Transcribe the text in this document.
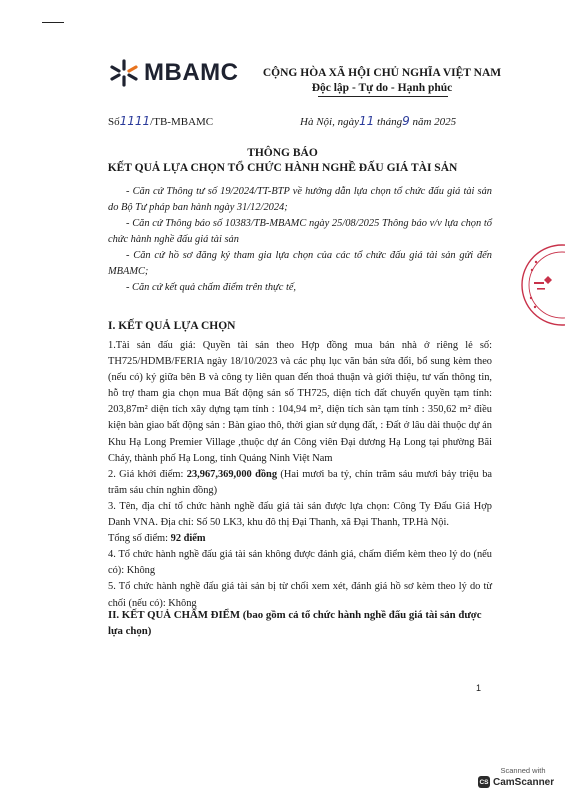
MBAMC CỘNG HÒA XÃ HỘI CHỦ NGHĨA VIỆT NAM
Độc lập - Tự do - Hạnh phúc
Số1111/TB-MBAMC	Hà Nội, ngày11 tháng9 năm 2025
THÔNG BÁO
KẾT QUẢ LỰA CHỌN TỔ CHỨC HÀNH NGHỀ ĐẤU GIÁ TÀI SẢN

- Căn cứ Thông tư số 19/2024/TT-BTP về hướng dẫn lựa chọn tổ chức đấu giá tài sản do Bộ Tư pháp ban hành ngày 31/12/2024;

- Căn cứ Thông báo số 10383/TB-MBAMC ngày 25/08/2025 Thông báo v/v lựa chọn tổ chức hành nghề đấu giá tài sản

- Căn cứ hồ sơ đăng ký tham gia lựa chọn của các tổ chức đấu giá tài sản gửi đến MBAMC;

- Căn cứ kết quả chấm điểm trên thực tế,

I. KẾT QUẢ LỰA CHỌN

1.Tài sản đấu giá: Quyền tài sản theo Hợp đồng mua bán nhà ở riêng lẻ số: TH725/HDMB/FERIA ngày 18/10/2023 và các phụ lục văn bản sửa đổi, bổ sung kèm theo (nếu có) ký giữa bên B và công ty liên quan đến thoả thuận và giới thiệu, tư vấn thông tin, hỗ trợ tham gia chọn mua Bất động sản số TH725, diện tích đất chuyển quyền tạm tính: 203,87m² diện tích xây dựng tạm tính : 104,94 m², diện tích sàn tạm tính : 350,62 m² điều kiện bàn giao bất động sản : Bàn giao thô, thời gian sử dụng đất, : Đất ở lâu dài thuộc dự án Khu Hạ Long Premier Village ,thuộc dự án Công viên Đại dương Hạ Long tại phường Bãi Cháy, thành phố Hạ Long, tỉnh Quảng Ninh Việt Nam

2. Giá khởi điểm: 23,967,369,000 đồng (Hai mươi ba tỷ, chín trăm sáu mươi bảy triệu ba trăm sáu chín nghìn đồng)

3. Tên, địa chỉ tổ chức hành nghề đấu giá tài sản được lựa chọn: Công Ty Đấu Giá Hợp Danh VNA. Địa chỉ: Số 50 LK3, khu đô thị Đại Thanh, xã Đại Thanh, TP.Hà Nội.

Tổng số điểm: 92 điểm

4. Tổ chức hành nghề đấu giá tài sản không được đánh giá, chấm điểm kèm theo lý do (nếu có): Không

5. Tổ chức hành nghề đấu giá tài sản bị từ chối xem xét, đánh giá hồ sơ kèm theo lý do từ chối (nếu có): Không

II. KẾT QUẢ CHẤM ĐIỂM (bao gồm cả tổ chức hành nghề đấu giá tài sản được lựa chọn)
1
Scanned with
CS CamScanner
